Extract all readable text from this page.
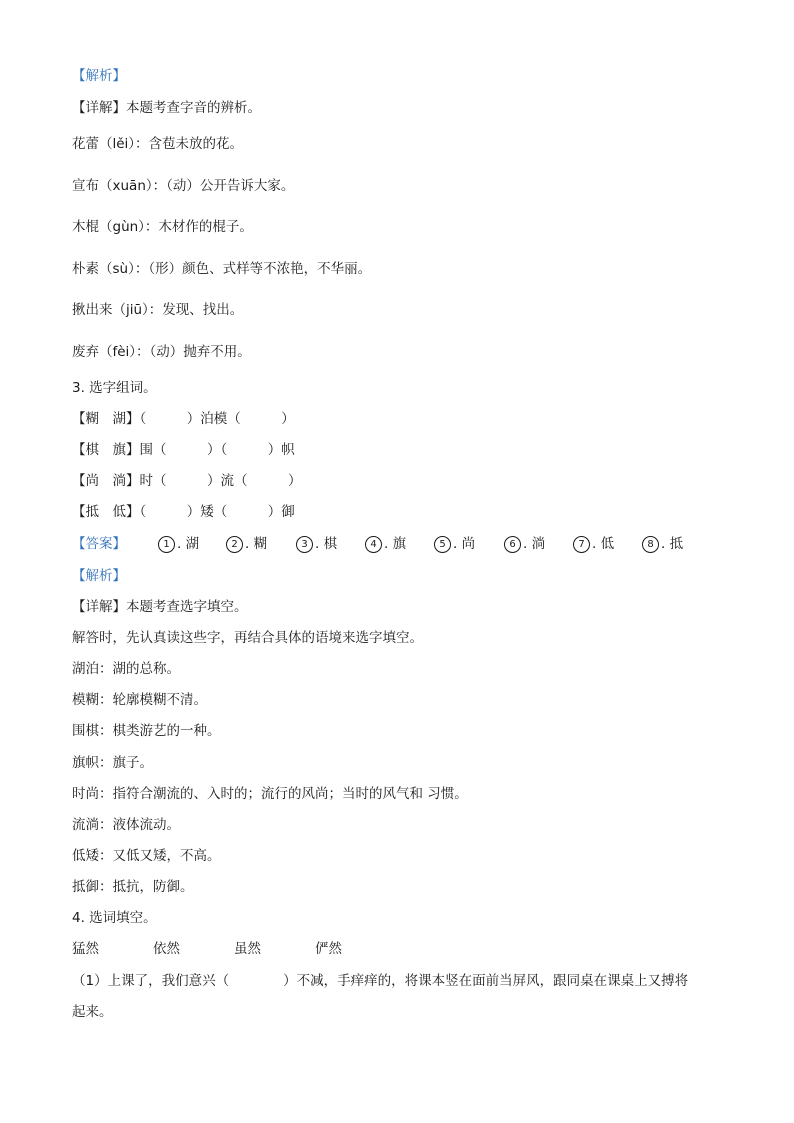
【解析】
【详解】本题考查字音的辨析。
花蕾（lěi）：含苞未放的花。
宣布（xuān）：（动）公开告诉大家。
木棍（gùn）：木材作的棍子。
朴素（sù）：（形）颜色、式样等不浓艳，不华丽。
揪出来（jiū）：发现、找出。
废弃（fèi）：（动）抛弃不用。
3. 选字组词。
【糊　湖】（　　　）泊模（　　　）
【棋　旗】围（　　　）（　　　）帜
【尚　淌】时（　　　）流（　　　）
【抵　低】（　　　）矮（　　　）御
【答案】	1 . 湖	2 . 糊	3 . 棋	4 . 旗	5 . 尚	6 . 淌	7 . 低	8 . 抵
【解析】
【详解】本题考查选字填空。
解答时，先认真读这些字，再结合具体的语境来选字填空。
湖泊：湖的总称。
模糊：轮廓模糊不清。
围棋：棋类游艺的一种。
旗帜：旗子。
时尚：指符合潮流的、入时的；流行的风尚；当时的风气和 习惯。
流淌：液体流动。
低矮：又低又矮，不高。
抵御：抵抗，防御。
4. 选词填空。
猛然　　　　依然　　　　虽然　　　　俨然
（1）上课了，我们意兴（　　　　）不减，手痒痒的，将课本竖在面前当屏风，跟同桌在课桌上又搏将
起来。
